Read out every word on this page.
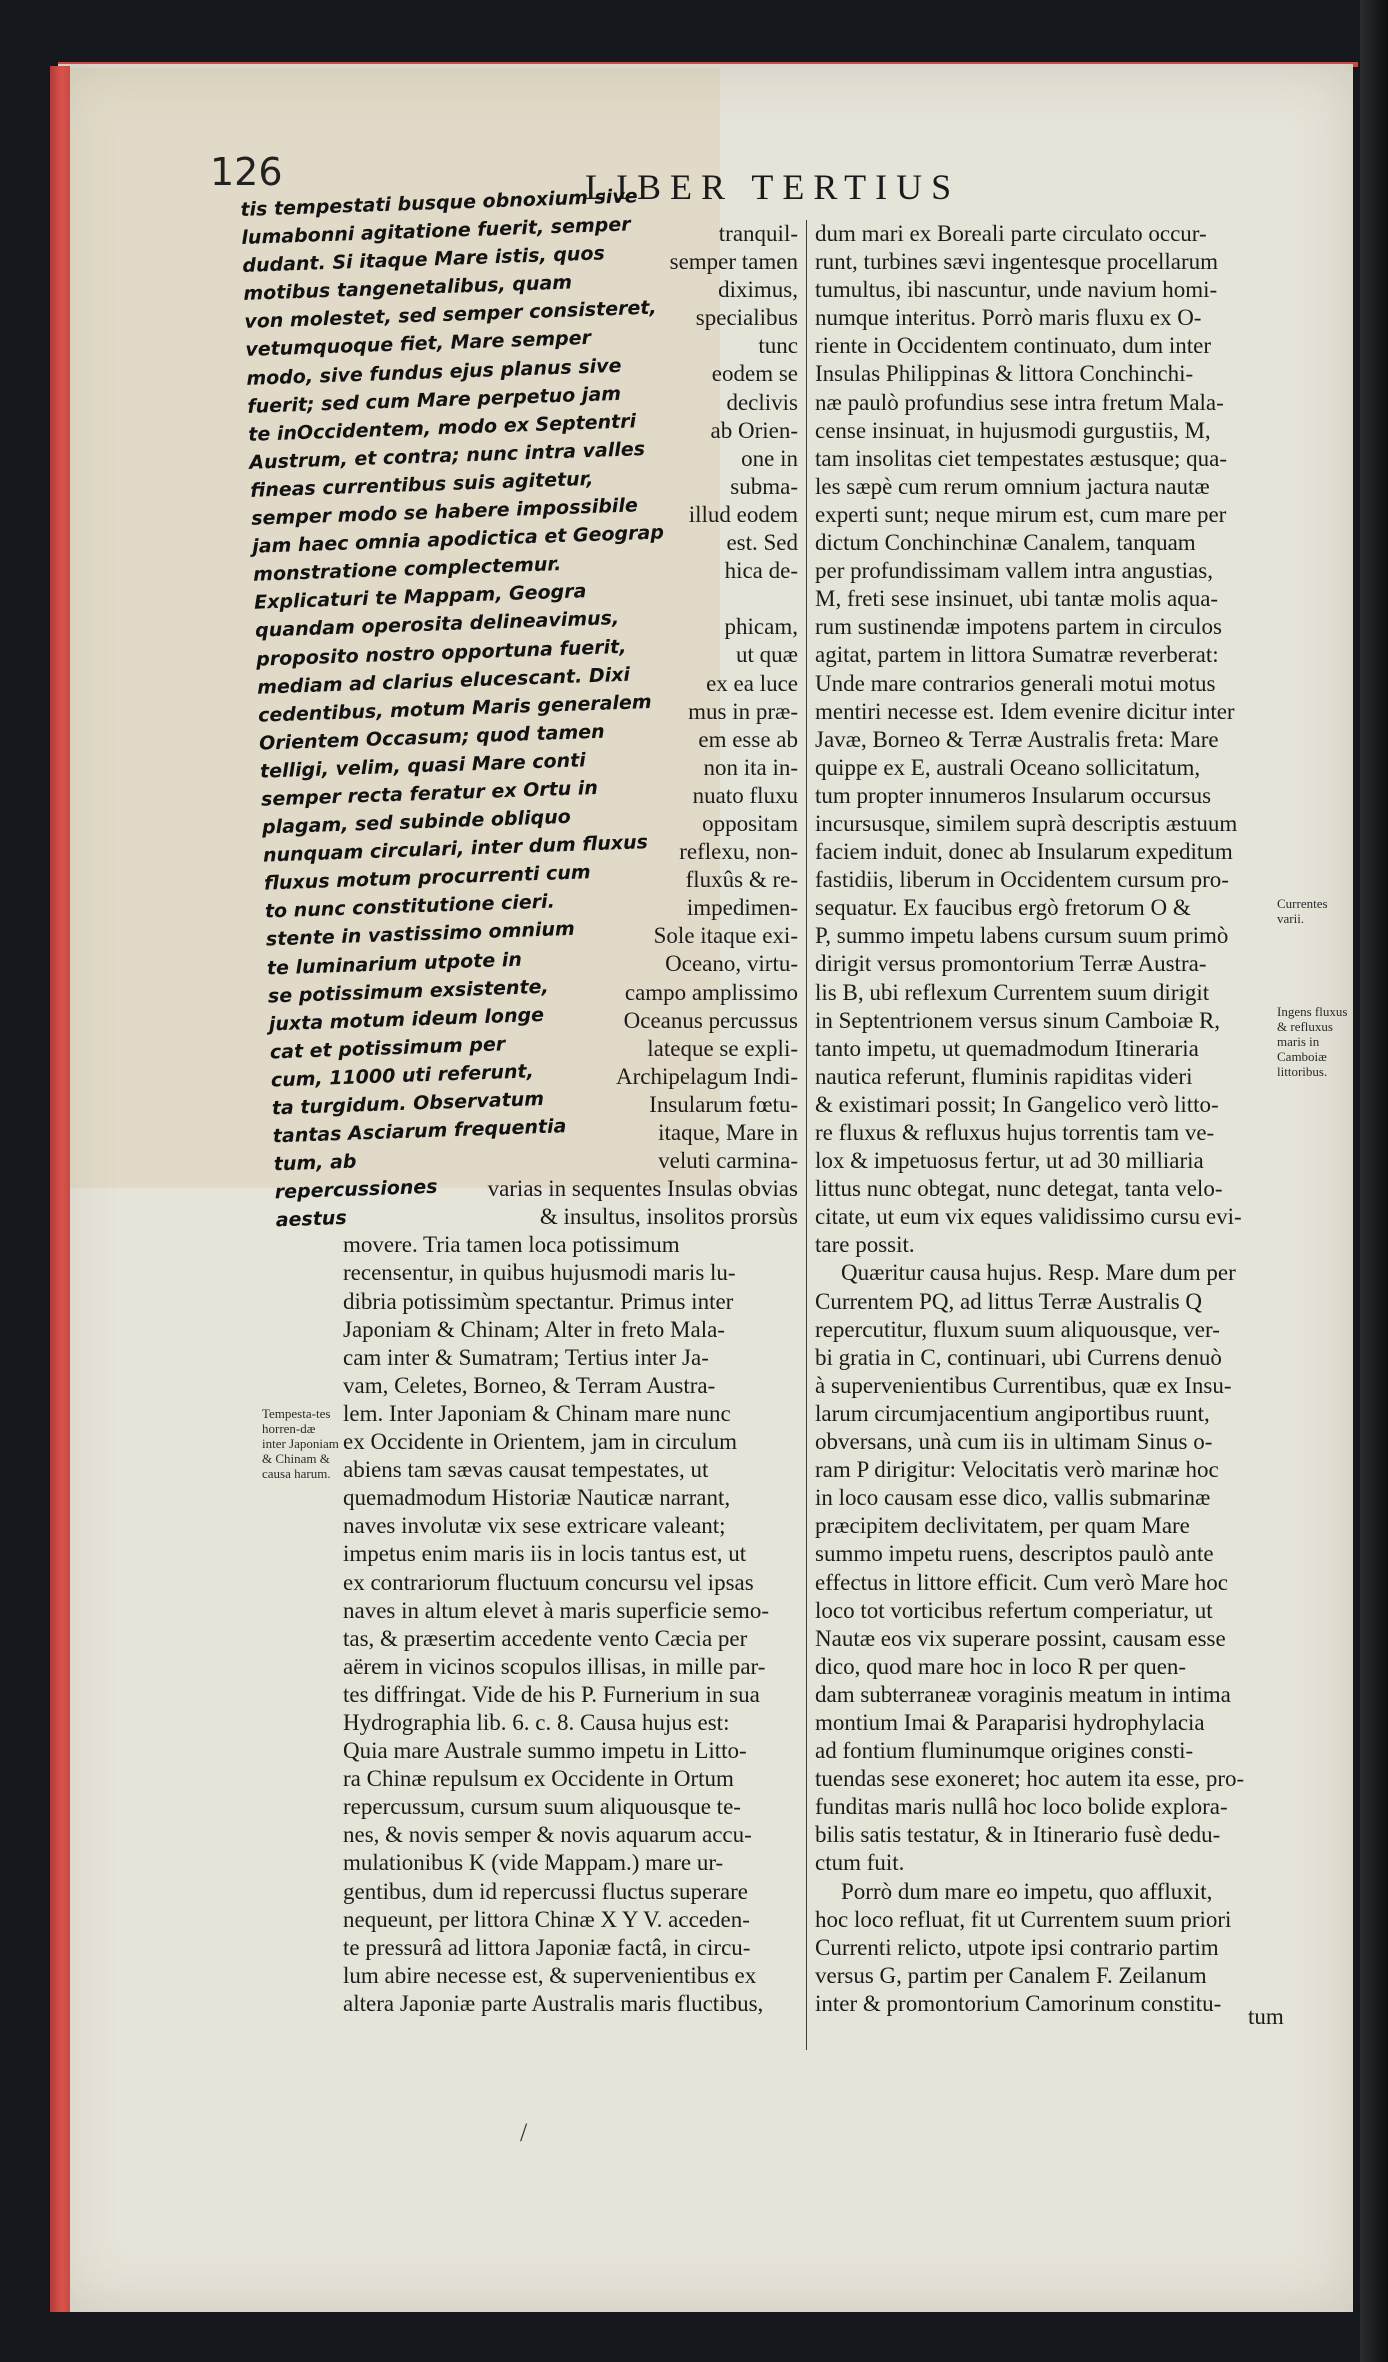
126	LIBER TERTIUS

tranquil-

semper tamen

diximus,

specialibus

tunc

eodem se

declivis

ab Orien-

one in

subma-

illud eodem

est. Sed

hica de-

phicam,

ut quæ

ex ea luce

mus in præ-

em esse ab

non ita in-

nuato fluxu

oppositam

reflexu, non-

fluxûs & re-

impedimen-

Sole itaque exi-

Oceano, virtu-

campo amplissimo

Oceanus percussus

lateque se expli-

Archipelagum Indi-

Insularum fœtu-

itaque, Mare in

veluti carmina-

varias in sequentes Insulas obvias

& insultus, insolitos prorsùs

movere. Tria tamen loca potissimum

recensentur, in quibus hujusmodi maris lu-

dibria potissimùm spectantur. Primus inter

Japoniam & Chinam; Alter in freto Mala-

cam inter & Sumatram; Tertius inter Ja-

vam, Celetes, Borneo, & Terram Austra-

lem. Inter Japoniam & Chinam mare nunc

ex Occidente in Orientem, jam in circulum

abiens tam sævas causat tempestates, ut

quemadmodum Historiæ Nauticæ narrant,

naves involutæ vix sese extricare valeant;

impetus enim maris iis in locis tantus est, ut

ex contrariorum fluctuum concursu vel ipsas

naves in altum elevet à maris superficie semo-

tas, & præsertim accedente vento Cæcia per

aërem in vicinos scopulos illisas, in mille par-

tes diffringat. Vide de his P. Furnerium in sua

Hydrographia lib. 6. c. 8. Causa hujus est:

Quia mare Australe summo impetu in Litto-

ra Chinæ repulsum ex Occidente in Ortum

repercussum, cursum suum aliquousque te-

nes, & novis semper & novis aquarum accu-

mulationibus K (vide Mappam.) mare ur-

gentibus, dum id repercussi fluctus superare

nequeunt, per littora Chinæ X Y V. acceden-

te pressurâ ad littora Japoniæ factâ, in circu-

lum abire necesse est, & supervenientibus ex

altera Japoniæ parte Australis maris fluctibus,

dum mari ex Boreali parte circulato occur-

runt, turbines sævi ingentesque procellarum

tumultus, ibi nascuntur, unde navium homi-

numque interitus. Porrò maris fluxu ex O-

riente in Occidentem continuato, dum inter

Insulas Philippinas & littora Conchinchi-

næ paulò profundius sese intra fretum Mala-

cense insinuat, in hujusmodi gurgustiis, M,

tam insolitas ciet tempestates æstusque; qua-

les sæpè cum rerum omnium jactura nautæ

experti sunt; neque mirum est, cum mare per

dictum Conchinchinæ Canalem, tanquam

per profundissimam vallem intra angustias,

M, freti sese insinuet, ubi tantæ molis aqua-

rum sustinendæ impotens partem in circulos

agitat, partem in littora Sumatræ reverberat:

Unde mare contrarios generali motui motus

mentiri necesse est. Idem evenire dicitur inter

Javæ, Borneo & Terræ Australis freta: Mare

quippe ex E, australi Oceano sollicitatum,

tum propter innumeros Insularum occursus

incursusque, similem suprà descriptis æstuum

faciem induit, donec ab Insularum expeditum

fastidiis, liberum in Occidentem cursum pro-

sequatur. Ex faucibus ergò fretorum O &

P, summo impetu labens cursum suum primò

dirigit versus promontorium Terræ Austra-

lis B, ubi reflexum Currentem suum dirigit

in Septentrionem versus sinum Camboiæ R,

tanto impetu, ut quemadmodum Itineraria

nautica referunt, fluminis rapiditas videri

& existimari possit; In Gangelico verò litto-

re fluxus & refluxus hujus torrentis tam ve-

lox & impetuosus fertur, ut ad 30 milliaria

littus nunc obtegat, nunc detegat, tanta velo-

citate, ut eum vix eques validissimo cursu evi-

tare possit.

Quæritur causa hujus. Resp. Mare dum per

Currentem PQ, ad littus Terræ Australis Q

repercutitur, fluxum suum aliquousque, ver-

bi gratia in C, continuari, ubi Currens denuò

à supervenientibus Currentibus, quæ ex Insu-

larum circumjacentium angiportibus ruunt,

obversans, unà cum iis in ultimam Sinus o-

ram P dirigitur: Velocitatis verò marinæ hoc

in loco causam esse dico, vallis submarinæ

præcipitem declivitatem, per quam Mare

summo impetu ruens, descriptos paulò ante

effectus in littore efficit. Cum verò Mare hoc

loco tot vorticibus refertum comperiatur, ut

Nautæ eos vix superare possint, causam esse

dico, quod mare hoc in loco R per quen-

dam subterraneæ voraginis meatum in intima

montium Imai & Paraparisi hydrophylacia

ad fontium fluminumque origines consti-

tuendas sese exoneret; hoc autem ita esse, pro-

funditas maris nullâ hoc loco bolide explora-

bilis satis testatur, & in Itinerario fusè dedu-

ctum fuit.

Porrò dum mare eo impetu, quo affluxit,

hoc loco refluat, fit ut Currentem suum priori

Currenti relicto, utpote ipsi contrario partim

versus G, partim per Canalem F. Zeilanum

inter & promontorium Camorinum constitu-

tis tempestati busque obnoxium sive
lumabonni agitatione fuerit, semper
dudant. Si itaque Mare istis, quos
motibus tangenetalibus, quam
von molestet, sed semper consisteret,
vetumquoque fiet, Mare semper
modo, sive fundus ejus planus sive
fuerit; sed cum Mare perpetuo jam
te inOccidentem, modo ex Septentri
Austrum, et contra; nunc intra valles
fineas currentibus suis agitetur,
semper modo se habere impossibile
jam haec omnia apodictica et Geograp
monstratione complectemur.
Explicaturi te Mappam, Geogra
quandam operosita delineavimus,
proposito nostro opportuna fuerit,
mediam ad clarius elucescant. Dixi
cedentibus, motum Maris generalem
Orientem Occasum; quod tamen
telligi, velim, quasi Mare conti
semper recta feratur ex Ortu in
plagam, sed subinde obliquo
nunquam circulari, inter dum fluxus
fluxus motum procurrenti cum
to nunc constitutione cieri.
stente in vastissimo omnium
te luminarium utpote in
se potissimum exsistente,
juxta motum ideum longe
cat et potissimum per
cum, 11000 uti referunt,
ta turgidum. Observatum
tantas Asciarum frequentia
tum, ab
repercussiones
aestus
Tempesta-tes horren-dæ inter Japoniam & Chinam & causa harum.
Currentes varii.
Ingens fluxus & refluxus maris in Camboiæ littoribus.
tum
/
